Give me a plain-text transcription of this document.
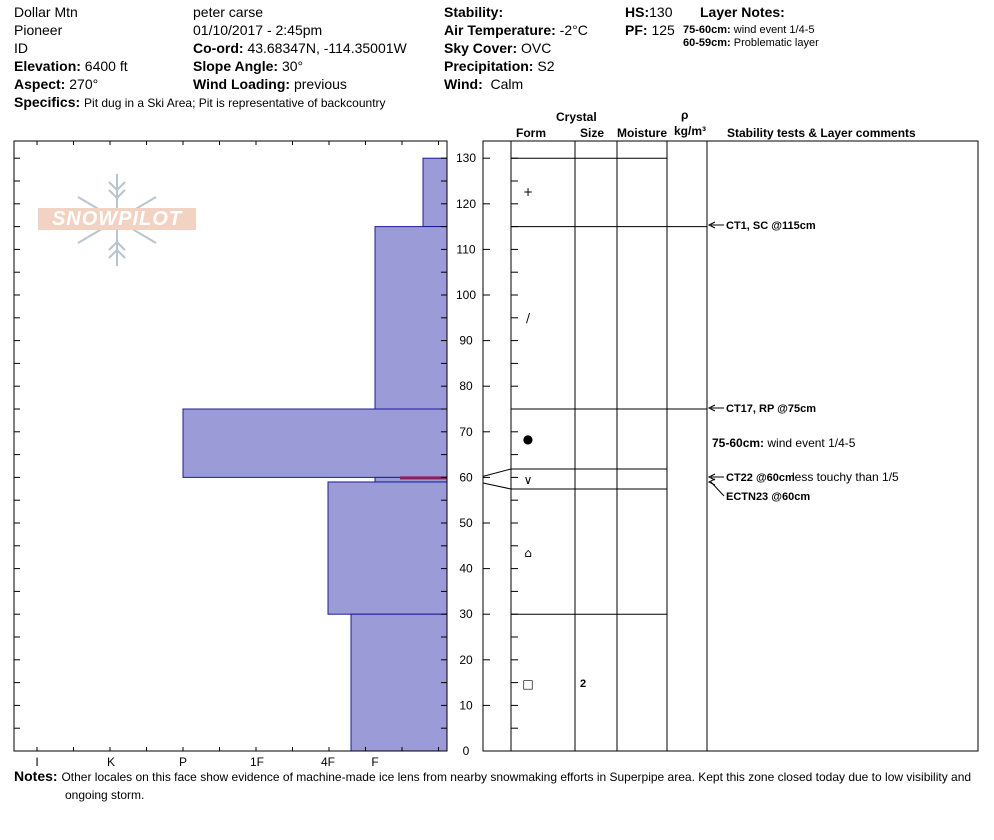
Dollar Mtn
Pioneer
ID
Elevation: 6400 ft
Aspect: 270°
Specifics: Pit dug in a Ski Area; Pit is representative of backcountry
peter carse
01/10/2017 - 2:45pm
Co-ord: 43.68347N, -114.35001W
Slope Angle: 30°
Wind Loading: previous
Stability:
Air Temperature: -2°C
Sky Cover: OVC
Precipitation: S2
Wind: Calm
HS:130
PF: 125
Layer Notes:
75-60cm: wind event 1/4-5
60-59cm: Problematic layer
Crystal
Form	Size Moisture
ρ
kg/m³ Stability tests & Layer comments
I	K	P	1F	4F	F
0
10
20
30
40
50
60
70
80
90
100
110
120
130
+
/
●
∨
⌂
□	2
CT1, SC @115cm
CT17, RP @75cm
CT22 @60cm
less touchy than 1/5
ECTN23 @60cm
75-60cm: wind event 1/4-5
SNOWPILOT
Notes: Other locales on this face show evidence of machine-made ice lens from nearby snowmaking efforts in Superpipe area. Kept this zone closed today due to low visibility and
ongoing storm.
